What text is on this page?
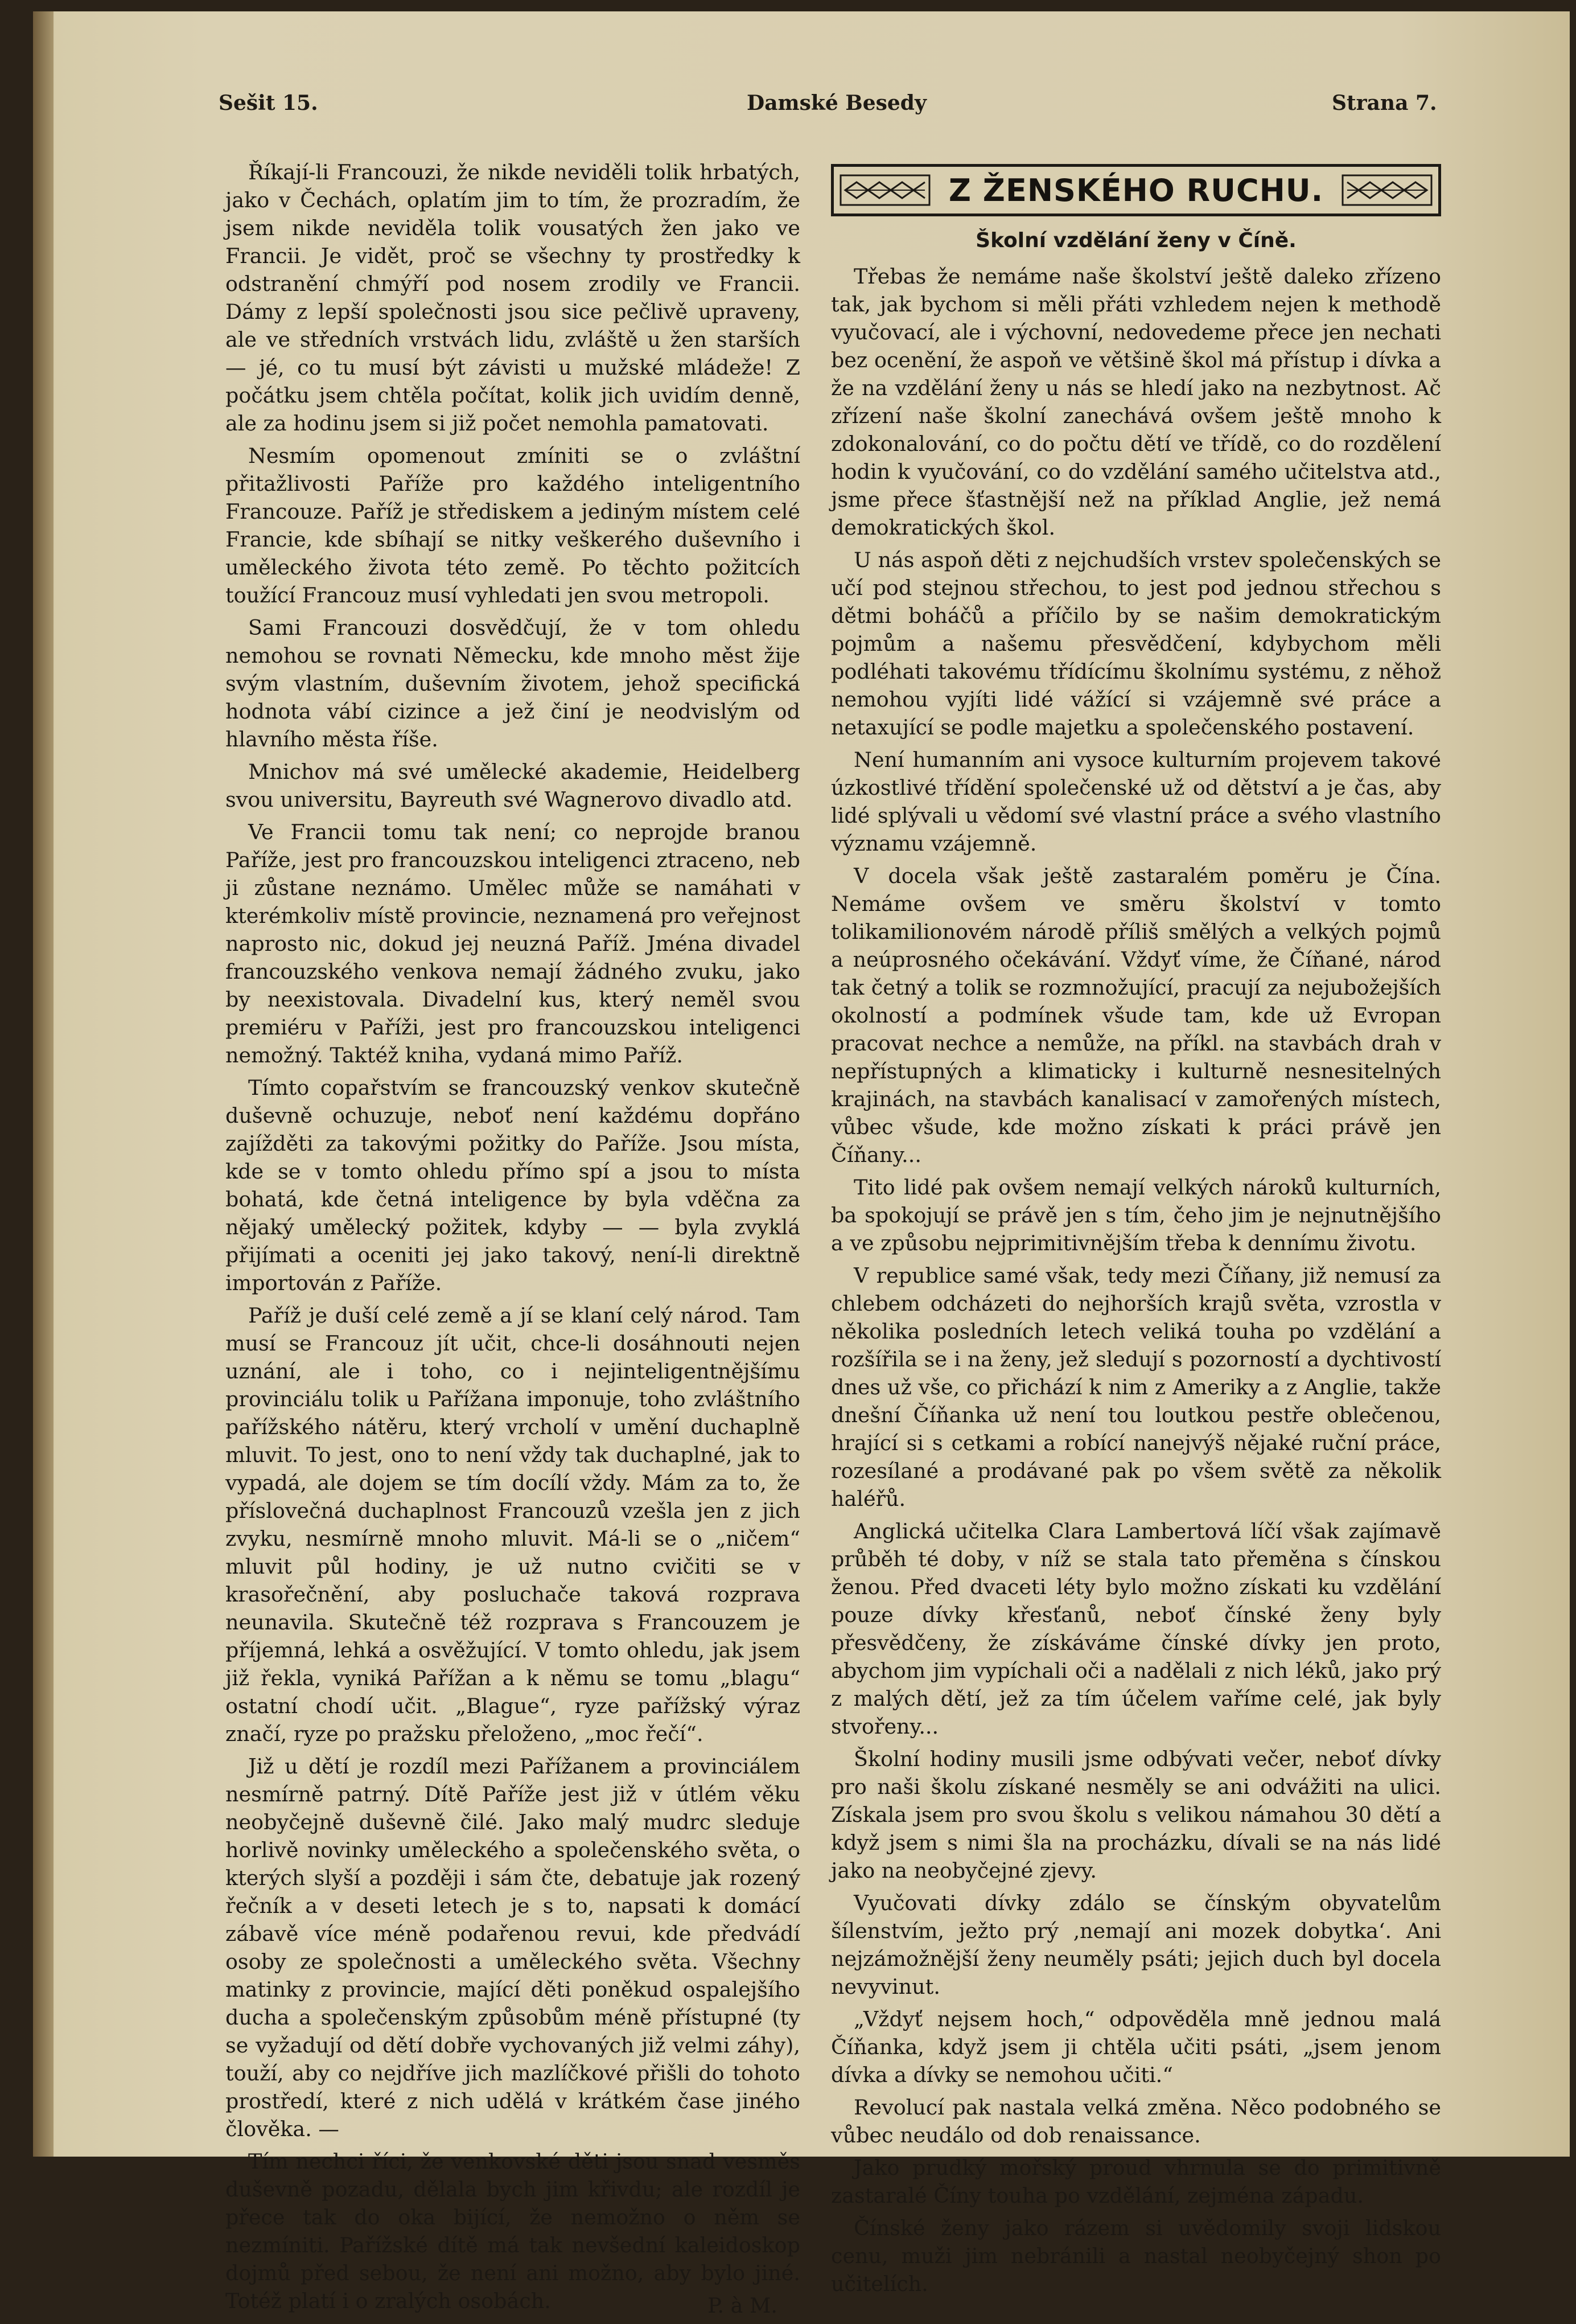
Sešit 15.	Damské Besedy	Strana 7.

Říkají-li Francouzi, že nikde neviděli tolik hrbatých, jako v Čechách, oplatím jim to tím, že prozradím, že jsem nikde neviděla tolik vousatých žen jako ve Francii. Je vidět, proč se všechny ty prostředky k odstranění chmýří pod nosem zrodily ve Francii. Dámy z lepší společnosti jsou sice pečlivě upraveny, ale ve středních vrstvách lidu, zvláště u žen starších — jé, co tu musí být závisti u mužské mládeže! Z počátku jsem chtěla počítat, kolik jich uvidím denně, ale za hodinu jsem si již počet nemohla pamatovati.

Nesmím opomenout zmíniti se o zvláštní přitažlivosti Paříže pro každého inteligentního Francouze. Paříž je střediskem a jediným místem celé Francie, kde sbíhají se nitky veškerého duševního i uměleckého života této země. Po těchto požitcích toužící Francouz musí vyhledati jen svou metropoli.

Sami Francouzi dosvědčují, že v tom ohledu nemohou se rovnati Německu, kde mnoho měst žije svým vlastním, duševním životem, jehož specifická hodnota vábí cizince a jež činí je neodvislým od hlavního města říše.

Mnichov má své umělecké akademie, Heidelberg svou universitu, Bayreuth své Wagnerovo divadlo atd.

Ve Francii tomu tak není; co neprojde branou Paříže, jest pro francouzskou inteligenci ztraceno, neb ji zůstane neznámo. Umělec může se namáhati v kterémkoliv místě provincie, neznamená pro veřejnost naprosto nic, dokud jej neuzná Paříž. Jména divadel francouzského venkova nemají žádného zvuku, jako by neexistovala. Divadelní kus, který neměl svou premiéru v Paříži, jest pro francouzskou inteligenci nemožný. Taktéž kniha, vydaná mimo Paříž.

Tímto copařstvím se francouzský venkov skutečně duševně ochuzuje, neboť není každému dopřáno zajížděti za takovými požitky do Paříže. Jsou místa, kde se v tomto ohledu přímo spí a jsou to místa bohatá, kde četná inteligence by byla vděčna za nějaký umělecký požitek, kdyby — — byla zvyklá přijímati a oceniti jej jako takový, není-li direktně importován z Paříže.

Paříž je duší celé země a jí se klaní celý národ. Tam musí se Francouz jít učit, chce-li dosáhnouti nejen uznání, ale i toho, co i nejinteligentnějšímu provinciálu tolik u Pařížana imponuje, toho zvláštního pařížského nátěru, který vrcholí v umění duchaplně mluvit. To jest, ono to není vždy tak duchaplné, jak to vypadá, ale dojem se tím docílí vždy. Mám za to, že příslovečná duchaplnost Francouzů vzešla jen z jich zvyku, nesmírně mnoho mluvit. Má-li se o „ničem“ mluvit půl hodiny, je už nutno cvičiti se v krasořečnění, aby posluchače taková rozprava neunavila. Skutečně též rozprava s Francouzem je příjemná, lehká a osvěžující. V tomto ohledu, jak jsem již řekla, vyniká Pařížan a k němu se tomu „blagu“ ostatní chodí učit. „Blague“, ryze pařížský výraz značí, ryze po pražsku přeloženo, „moc řečí“.

Již u dětí je rozdíl mezi Pařížanem a provinciálem nesmírně patrný. Dítě Paříže jest již v útlém věku neobyčejně duševně čilé. Jako malý mudrc sleduje horlivě novinky uměleckého a společenského světa, o kterých slyší a později i sám čte, debatuje jak rozený řečník a v deseti letech je s to, napsati k domácí zábavě více méně podařenou revui, kde předvádí osoby ze společnosti a uměleckého světa. Všechny matinky z provincie, mající děti poněkud ospalejšího ducha a společenským způsobům méně přístupné (ty se vyžadují od dětí dobře vychovaných již velmi záhy), touží, aby co nejdříve jich mazlíčkové přišli do tohoto prostředí, které z nich udělá v krátkém čase jiného člověka. —

Tím nechci říci, že venkovské děti jsou snad vesměs duševně pozadu, dělala bych jim křivdu; ale rozdíl je přece tak do oka bijící, že nemožno o něm se nezmíniti. Pařížské dítě má tak nevšední kaleidoskop dojmů před sebou, že není ani možno, aby bylo jiné. Totéž platí i o zralých osobách.	P. à M.

Z ŽENSKÉHO RUCHU.
Školní vzdělání ženy v Číně.

Třebas že nemáme naše školství ještě daleko zřízeno tak, jak bychom si měli přáti vzhledem nejen k methodě vyučovací, ale i výchovní, nedovedeme přece jen nechati bez ocenění, že aspoň ve většině škol má přístup i dívka a že na vzdělání ženy u nás se hledí jako na nezbytnost. Ač zřízení naše školní zanechává ovšem ještě mnoho k zdokonalování, co do počtu dětí ve třídě, co do rozdělení hodin k vyučování, co do vzdělání samého učitelstva atd., jsme přece šťastnější než na příklad Anglie, jež nemá demokratických škol.

U nás aspoň děti z nejchudších vrstev společenských se učí pod stejnou střechou, to jest pod jednou střechou s dětmi boháčů a příčilo by se našim demokratickým pojmům a našemu přesvědčení, kdybychom měli podléhati takovému třídícímu školnímu systému, z něhož nemohou vyjíti lidé vážící si vzájemně své práce a netaxující se podle majetku a společenského postavení.

Není humanním ani vysoce kulturním projevem takové úzkostlivé třídění společenské už od dětství a je čas, aby lidé splývali u vědomí své vlastní práce a svého vlastního významu vzájemně.

V docela však ještě zastaralém poměru je Čína. Nemáme ovšem ve směru školství v tomto tolikamilionovém národě příliš smělých a velkých pojmů a neúprosného očekávání. Vždyť víme, že Číňané, národ tak četný a tolik se rozmnožující, pracují za nejubožejších okolností a podmínek všude tam, kde už Evropan pracovat nechce a nemůže, na příkl. na stavbách drah v nepřístupných a klimaticky i kulturně nesnesitelných krajinách, na stavbách kanalisací v zamořených místech, vůbec všude, kde možno získati k práci právě jen Číňany...

Tito lidé pak ovšem nemají velkých nároků kulturních, ba spokojují se právě jen s tím, čeho jim je nejnutnějšího a ve způsobu nejprimitivnějším třeba k dennímu životu.

V republice samé však, tedy mezi Číňany, již nemusí za chlebem odcházeti do nejhorších krajů světa, vzrostla v několika posledních letech veliká touha po vzdělání a rozšířila se i na ženy, jež sledují s pozorností a dychtivostí dnes už vše, co přichází k nim z Ameriky a z Anglie, takže dnešní Číňanka už není tou loutkou pestře oblečenou, hrající si s cetkami a robící nanejvýš nějaké ruční práce, rozesílané a prodávané pak po všem světě za několik haléřů.

Anglická učitelka Clara Lambertová líčí však zajímavě průběh té doby, v níž se stala tato přeměna s čínskou ženou. Před dvaceti léty bylo možno získati ku vzdělání pouze dívky křesťanů, neboť čínské ženy byly přesvědčeny, že získáváme čínské dívky jen proto, abychom jim vypíchali oči a nadělali z nich léků, jako prý z malých dětí, jež za tím účelem vaříme celé, jak byly stvořeny...

Školní hodiny musili jsme odbývati večer, neboť dívky pro naši školu získané nesměly se ani odvážiti na ulici. Získala jsem pro svou školu s velikou námahou 30 dětí a když jsem s nimi šla na procházku, dívali se na nás lidé jako na neobyčejné zjevy.

Vyučovati dívky zdálo se čínským obyvatelům šílenstvím, ježto prý ‚nemají ani mozek dobytka‘. Ani nejzámožnější ženy neuměly psáti; jejich duch byl docela nevyvinut.

„Vždyť nejsem hoch,“ odpověděla mně jednou malá Číňanka, když jsem ji chtěla učiti psáti, „jsem jenom dívka a dívky se nemohou učiti.“

Revolucí pak nastala velká změna. Něco podobného se vůbec neudálo od dob renaissance.

Jako prudký mořský proud vhrnula se do primitivně zastaralé Číny touha po vzdělání, zejména západu.

Čínské ženy jako rázem si uvědomily svoji lidskou cenu, muži jim nebránili a nastal neobyčejný shon po učitelích.
